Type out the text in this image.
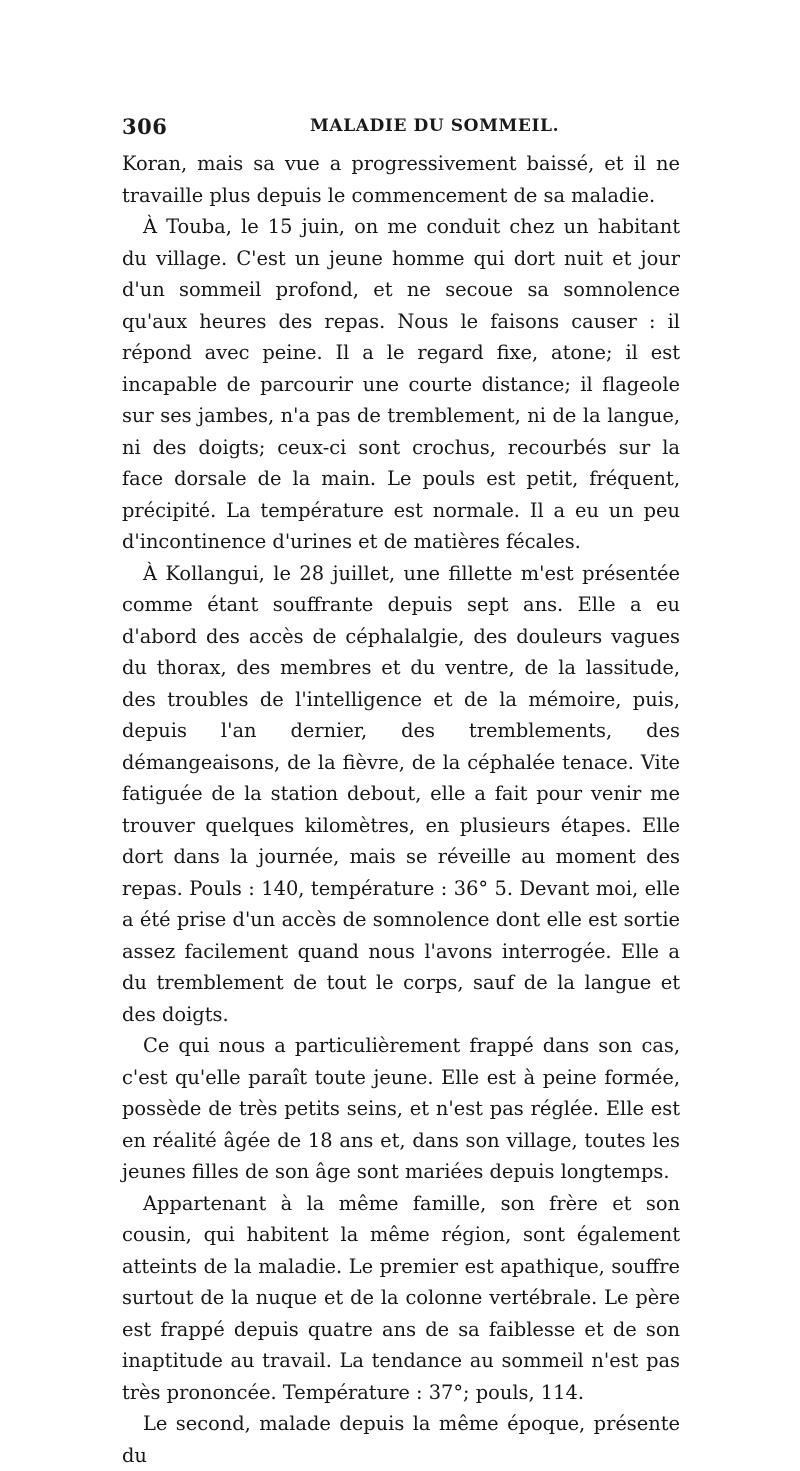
306	MALADIE DU SOMMEIL.

Koran, mais sa vue a progressivement baissé, et il ne travaille plus depuis le commencement de sa maladie.

À Touba, le 15 juin, on me conduit chez un habitant du village. C'est un jeune homme qui dort nuit et jour d'un sommeil profond, et ne secoue sa somnolence qu'aux heures des repas. Nous le faisons causer : il répond avec peine. Il a le regard fixe, atone; il est incapable de parcourir une courte distance; il flageole sur ses jambes, n'a pas de tremblement, ni de la langue, ni des doigts; ceux-ci sont crochus, recourbés sur la face dorsale de la main. Le pouls est petit, fréquent, précipité. La température est normale. Il a eu un peu d'incontinence d'urines et de matières fécales.

À Kollangui, le 28 juillet, une fillette m'est présentée comme étant souffrante depuis sept ans. Elle a eu d'abord des accès de céphalalgie, des douleurs vagues du thorax, des membres et du ventre, de la lassitude, des troubles de l'intelligence et de la mémoire, puis, depuis l'an dernier, des tremblements, des démangeaisons, de la fièvre, de la céphalée tenace. Vite fatiguée de la station debout, elle a fait pour venir me trouver quelques kilomètres, en plusieurs étapes. Elle dort dans la journée, mais se réveille au moment des repas. Pouls : 140, température : 36° 5. Devant moi, elle a été prise d'un accès de somnolence dont elle est sortie assez facilement quand nous l'avons interrogée. Elle a du tremblement de tout le corps, sauf de la langue et des doigts.

Ce qui nous a particulièrement frappé dans son cas, c'est qu'elle paraît toute jeune. Elle est à peine formée, possède de très petits seins, et n'est pas réglée. Elle est en réalité âgée de 18 ans et, dans son village, toutes les jeunes filles de son âge sont mariées depuis longtemps.

Appartenant à la même famille, son frère et son cousin, qui habitent la même région, sont également atteints de la maladie. Le premier est apathique, souffre surtout de la nuque et de la colonne vertébrale. Le père est frappé depuis quatre ans de sa faiblesse et de son inaptitude au travail. La tendance au sommeil n'est pas très prononcée. Température : 37°; pouls, 114.

Le second, malade depuis la même époque, présente du
